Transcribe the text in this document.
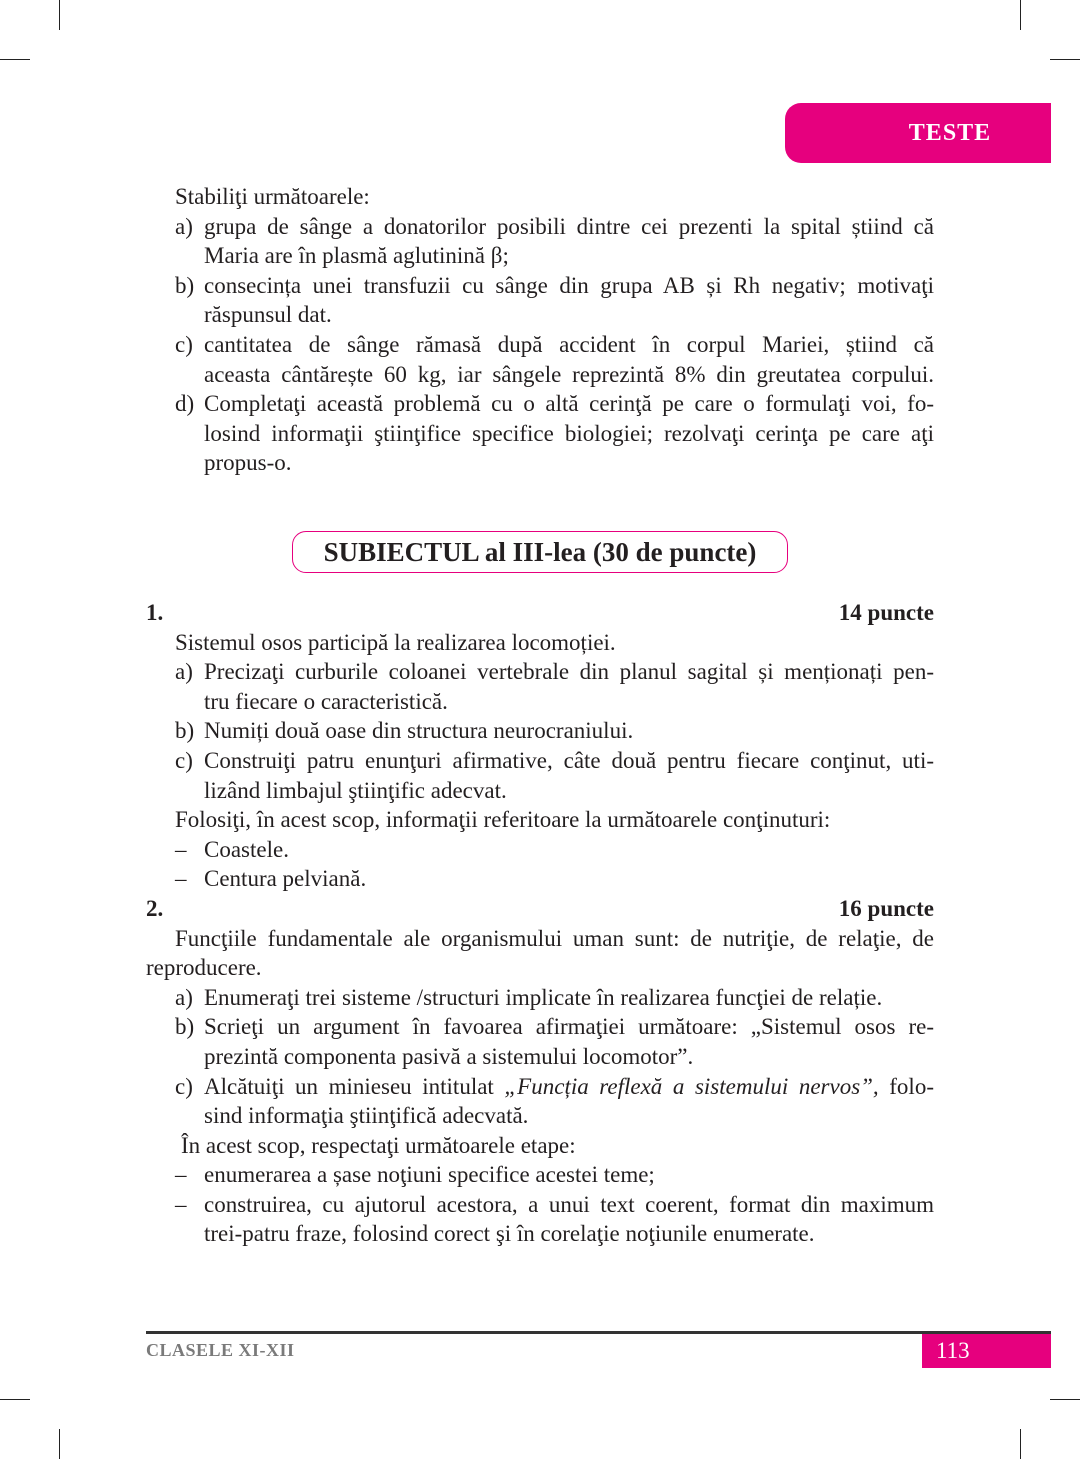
TESTE
Stabiliţi următoarele:
a) grupa de sânge a donatorilor posibili dintre cei prezenti la spital știind că
Maria are în plasmă aglutinină β;
b) consecința unei transfuzii cu sânge din grupa AB și Rh negativ; motivaţi
răspunsul dat.
c) cantitatea de sânge rămasă după accident în corpul Mariei, știind că
aceasta cântărește 60 kg, iar sângele reprezintă 8% din greutatea corpului.
d) Completaţi această problemă cu o altă cerinţă pe care o formulaţi voi, fo-
losind informaţii ştiinţifice specifice biologiei; rezolvaţi cerinţa pe care aţi
propus-o.
SUBIECTUL al III-lea (30 de puncte)
1.	14 puncte
Sistemul osos participă la realizarea locomoției.
a) Precizaţi curburile coloanei vertebrale din planul sagital și menționați pen-
tru fiecare o caracteristică.
b) Numiți două oase din structura neurocraniului.
c) Construiţi patru enunţuri afirmative, câte două pentru fiecare conţinut, uti-
lizând limbajul ştiinţific adecvat.
Folosiţi, în acest scop, informaţii referitoare la următoarele conţinuturi:
– Coastele.
– Centura pelviană.
2.	16 puncte
Funcţiile fundamentale ale organismului uman sunt: de nutriţie, de relaţie, de
reproducere.
a) Enumeraţi trei sisteme /structuri implicate în realizarea funcţiei de relație.
b) Scrieţi un argument în favoarea afirmaţiei următoare: „Sistemul osos re-
prezintă componenta pasivă a sistemului locomotor”.
c) Alcătuiţi un minieseu intitulat „Funcția reflexă a sistemului nervos”, folo-
sind informaţia ştiinţifică adecvată.
În acest scop, respectaţi următoarele etape:
– enumerarea a șase noţiuni specifice acestei teme;
– construirea, cu ajutorul acestora, a unui text coerent, format din maximum
trei-patru fraze, folosind corect şi în corelaţie noţiunile enumerate.
CLASELE XI-XII	113
